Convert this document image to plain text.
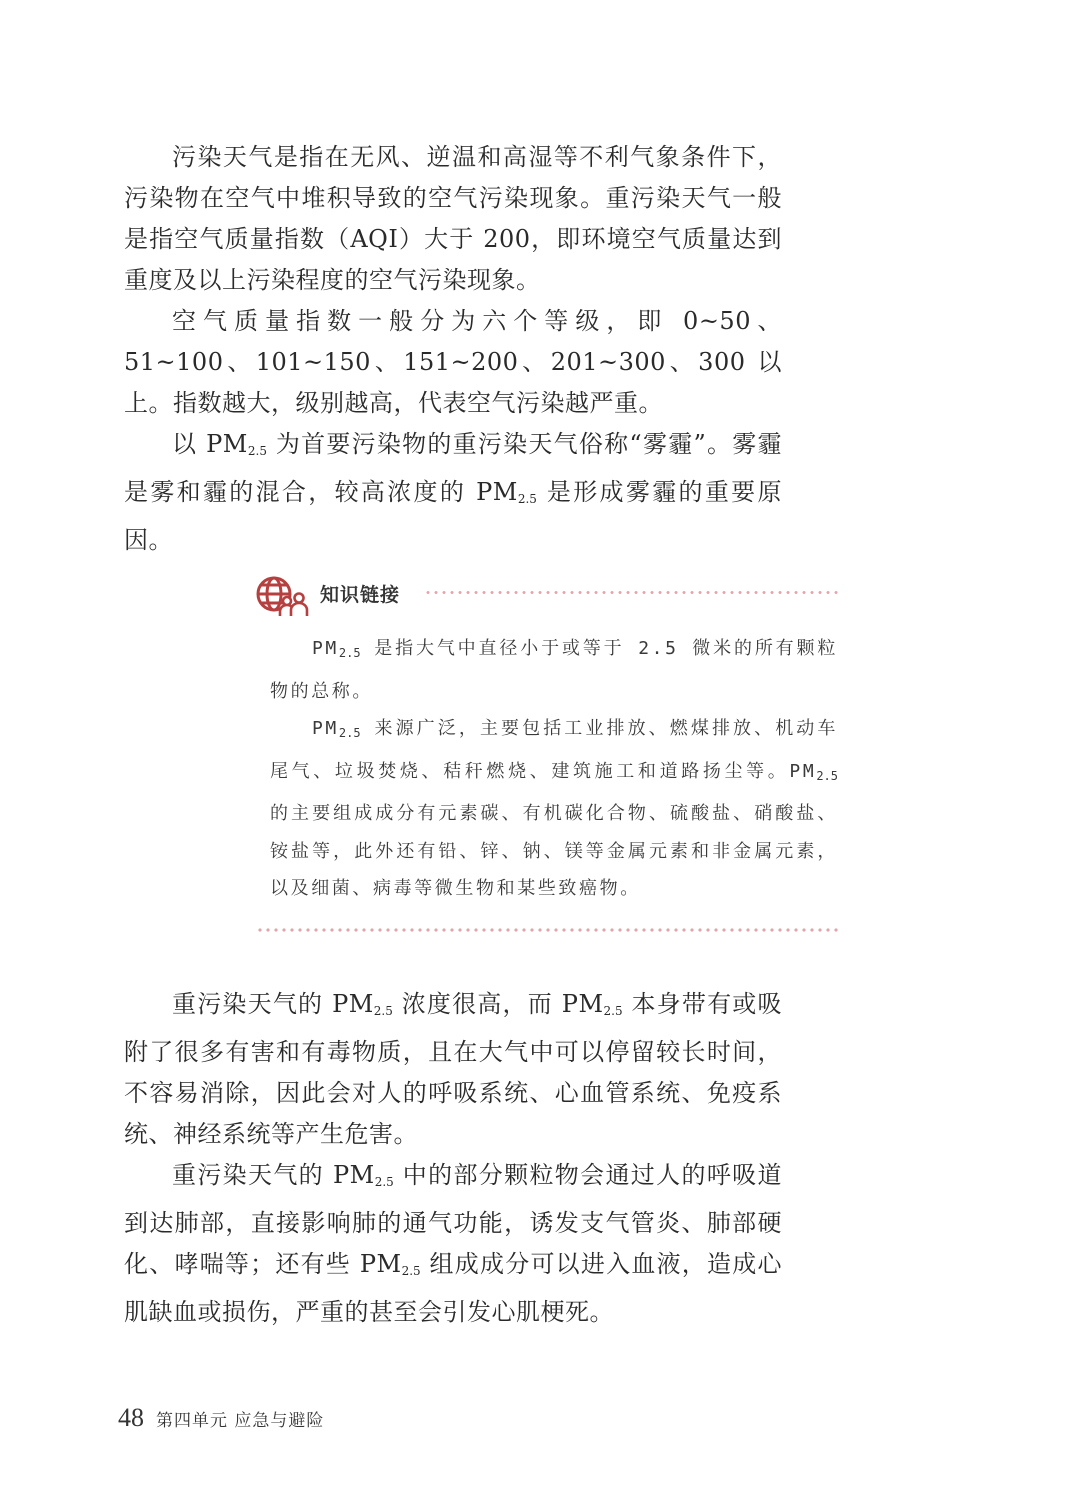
污染天气是指在无风、逆温和高湿等不利气象条件下，污染物在空气中堆积导致的空气污染现象。重污染天气一般是指空气质量指数（AQI）大于 200，即环境空气质量达到重度及以上污染程度的空气污染现象。

空气质量指数一般分为六个等级，即 0~50、51~100、101~150、151~200、201~300、300 以上。指数越大，级别越高，代表空气污染越严重。

以 $PM_{2.5}$ 为首要污染物的重污染天气俗称“雾霾”。雾霾是雾和霾的混合，较高浓度的 $PM_{2.5}$ 是形成雾霾的重要原因。

知识链接

$PM_{2.5}$ 是指大气中直径小于或等于 2.5 微米的所有颗粒物的总称。

$PM_{2.5}$ 来源广泛，主要包括工业排放、燃煤排放、机动车尾气、垃圾焚烧、秸秆燃烧、建筑施工和道路扬尘等。$PM_{2.5}$ 的主要组成成分有元素碳、有机碳化合物、硫酸盐、硝酸盐、铵盐等，此外还有铅、锌、钠、镁等金属元素和非金属元素，以及细菌、病毒等微生物和某些致癌物。

重污染天气的 $PM_{2.5}$ 浓度很高，而 $PM_{2.5}$ 本身带有或吸附了很多有害和有毒物质，且在大气中可以停留较长时间，不容易消除，因此会对人的呼吸系统、心血管系统、免疫系统、神经系统等产生危害。

重污染天气的 $PM_{2.5}$ 中的部分颗粒物会通过人的呼吸道到达肺部，直接影响肺的通气功能，诱发支气管炎、肺部硬化、哮喘等；还有些 $PM_{2.5}$ 组成成分可以进入血液，造成心肌缺血或损伤，严重的甚至会引发心肌梗死。

48 第四单元 应急与避险
